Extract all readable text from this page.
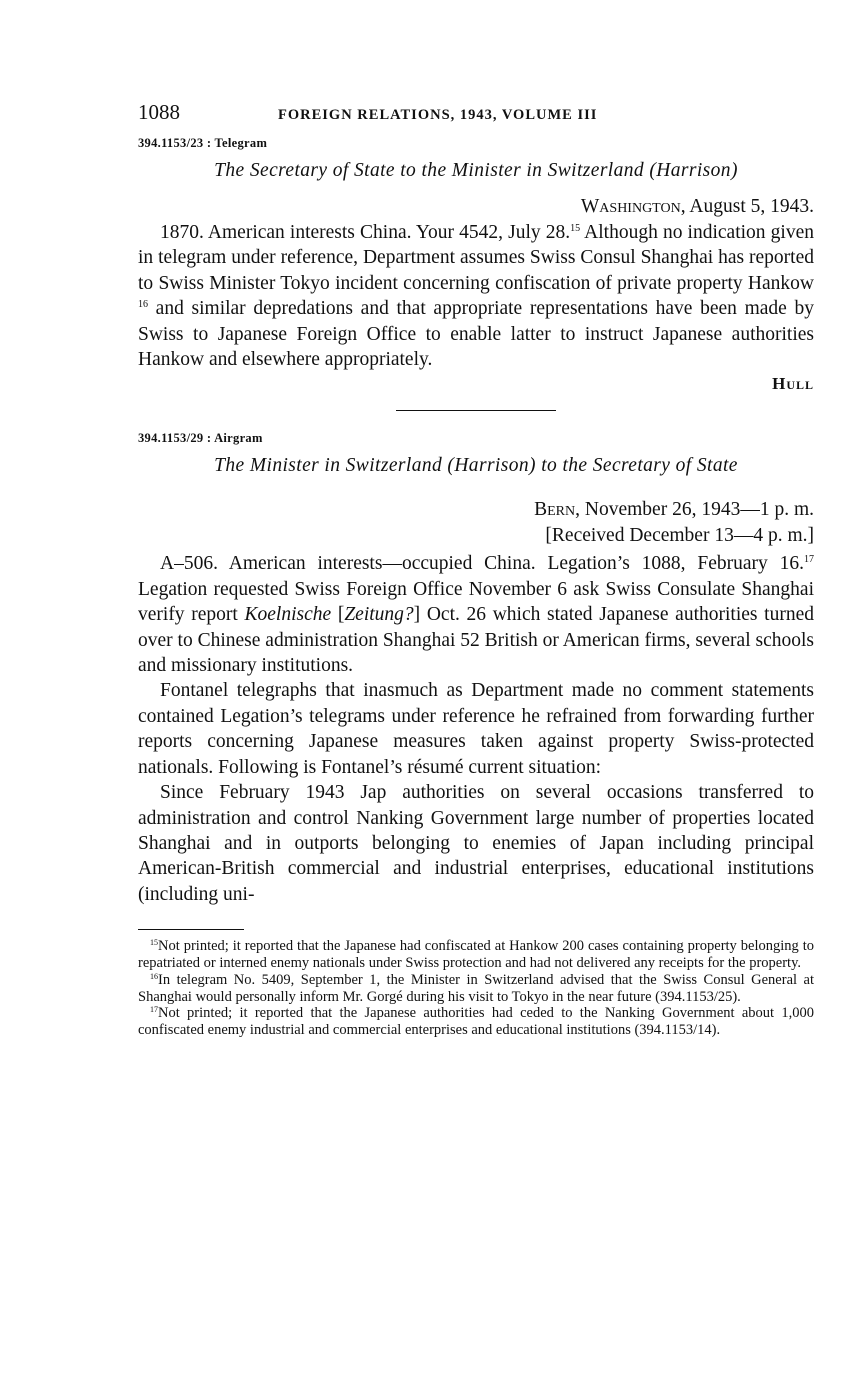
1088	FOREIGN RELATIONS, 1943, VOLUME III
394.1153/23 : Telegram
The Secretary of State to the Minister in Switzerland (Harrison)
Washington, August 5, 1943.

1870. American interests China. Your 4542, July 28.15 Although no indication given in telegram under reference, Department assumes Swiss Consul Shanghai has reported to Swiss Minister Tokyo incident concerning confiscation of private property Hankow $^{16}$ and similar depredations and that appropriate representations have been made by Swiss to Japanese Foreign Office to enable latter to instruct Japanese authorities Hankow and elsewhere appropriately.

Hull
394.1153/29 : Airgram
The Minister in Switzerland (Harrison) to the Secretary of State
Bern, November 26, 1943—1 p. m.
[Received December 13—4 p. m.]

A–506. American interests—occupied China. Legation’s 1088, February 16.17 Legation requested Swiss Foreign Office November 6 ask Swiss Consulate Shanghai verify report Koelnische [Zeitung?] Oct. 26 which stated Japanese authorities turned over to Chinese administration Shanghai 52 British or American firms, several schools and missionary institutions.

Fontanel telegraphs that inasmuch as Department made no comment statements contained Legation’s telegrams under reference he refrained from forwarding further reports concerning Japanese measures taken against property Swiss-protected nationals. Following is Fontanel’s résumé current situation:

Since February 1943 Jap authorities on several occasions transferred to administration and control Nanking Government large number of properties located Shanghai and in outports belonging to enemies of Japan including principal American-British commercial and industrial enterprises, educational institutions (including uni-

$^{15}$Not printed; it reported that the Japanese had confiscated at Hankow 200 cases containing property belonging to repatriated or interned enemy nationals under Swiss protection and had not delivered any receipts for the property.

$^{16}$In telegram No. 5409, September 1, the Minister in Switzerland advised that the Swiss Consul General at Shanghai would personally inform Mr. Gorgé during his visit to Tokyo in the near future (394.1153/25).

$^{17}$Not printed; it reported that the Japanese authorities had ceded to the Nanking Government about 1,000 confiscated enemy industrial and commercial enterprises and educational institutions (394.1153/14).
